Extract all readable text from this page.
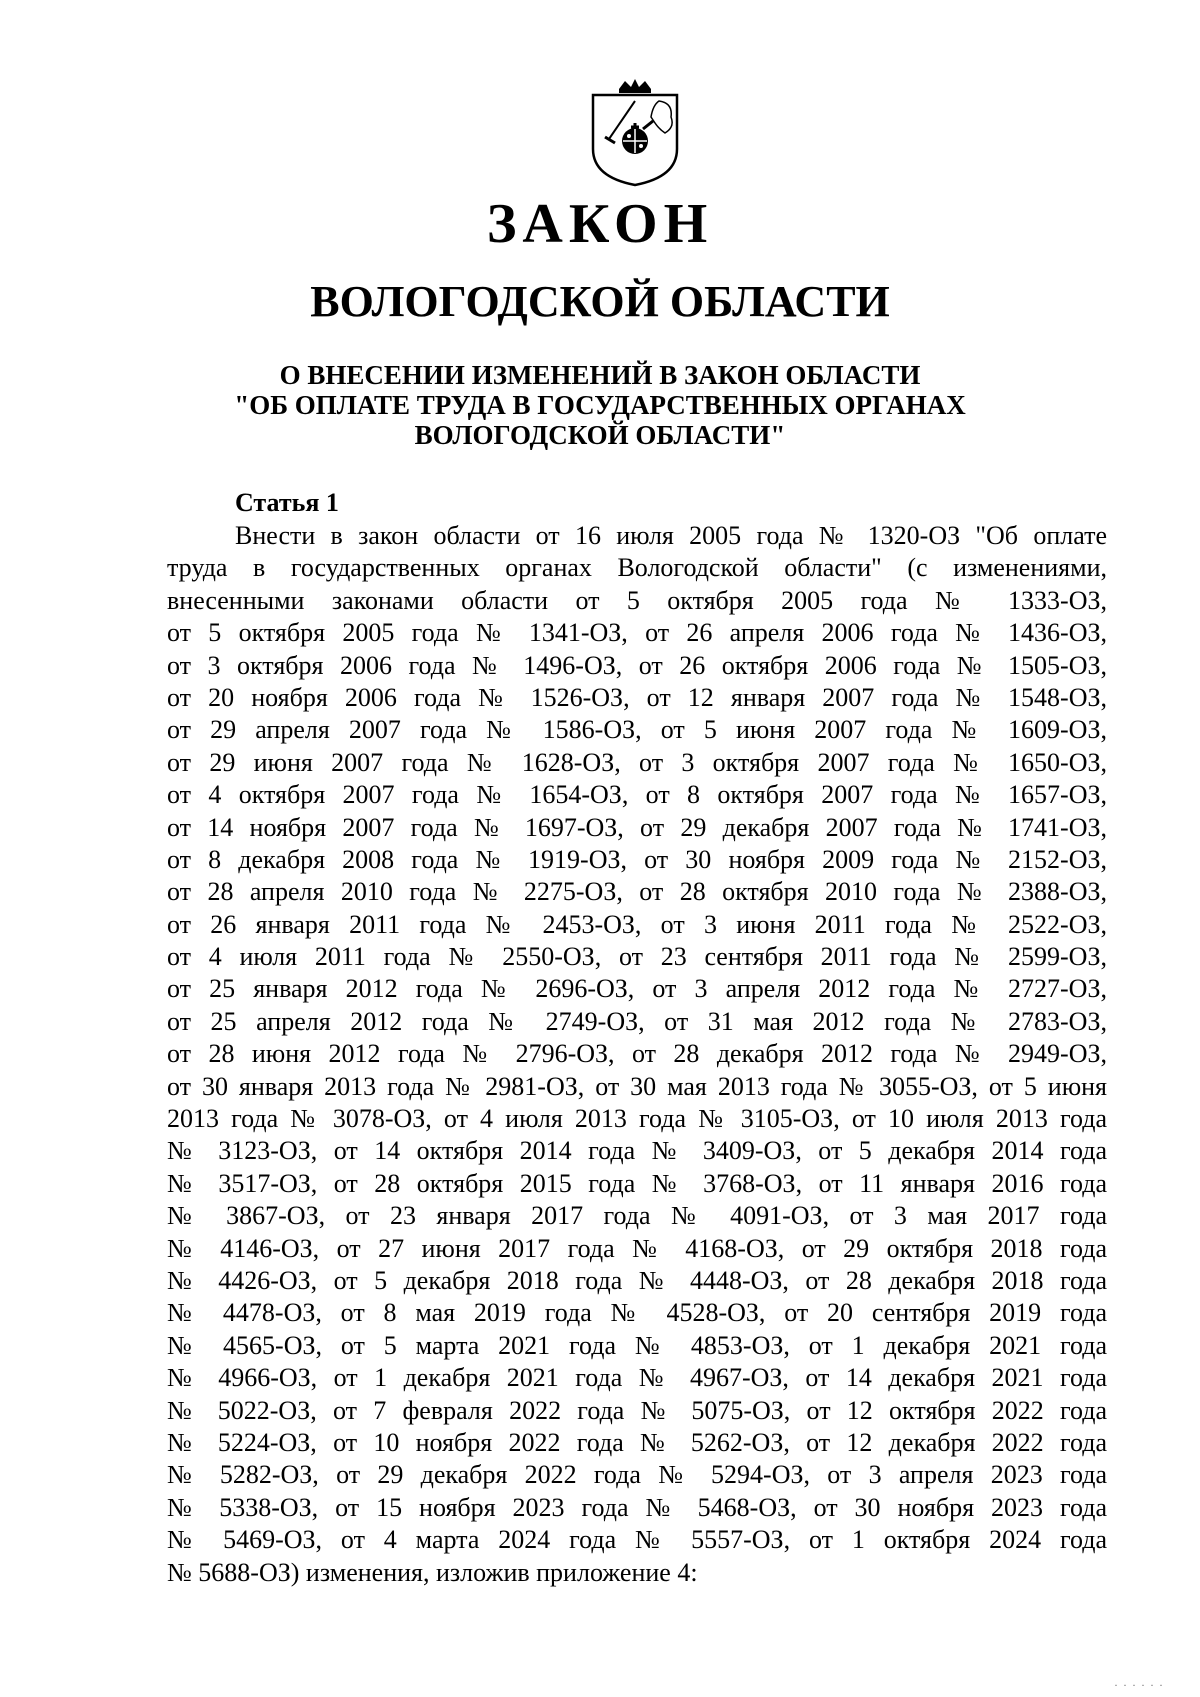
ЗАКОН
ВОЛОГОДСКОЙ ОБЛАСТИ
О ВНЕСЕНИИ ИЗМЕНЕНИЙ В ЗАКОН ОБЛАСТИ
"ОБ ОПЛАТЕ ТРУДА В ГОСУДАРСТВЕННЫХ ОРГАНАХ
ВОЛОГОДСКОЙ ОБЛАСТИ"
Статья 1
Внести в закон области от 16 июля 2005 года № 1320-ОЗ "Об оплате
труда в государственных органах Вологодской области" (с изменениями,
внесенными законами области от 5 октября 2005 года № 1333-ОЗ,
от 5 октября 2005 года № 1341-ОЗ, от 26 апреля 2006 года № 1436-ОЗ,
от 3 октября 2006 года № 1496-ОЗ, от 26 октября 2006 года № 1505-ОЗ,
от 20 ноября 2006 года № 1526-ОЗ, от 12 января 2007 года № 1548-ОЗ,
от 29 апреля 2007 года № 1586-ОЗ, от 5 июня 2007 года № 1609-ОЗ,
от 29 июня 2007 года № 1628-ОЗ, от 3 октября 2007 года № 1650-ОЗ,
от 4 октября 2007 года № 1654-ОЗ, от 8 октября 2007 года № 1657-ОЗ,
от 14 ноября 2007 года № 1697-ОЗ, от 29 декабря 2007 года № 1741-ОЗ,
от 8 декабря 2008 года № 1919-ОЗ, от 30 ноября 2009 года № 2152-ОЗ,
от 28 апреля 2010 года № 2275-ОЗ, от 28 октября 2010 года № 2388-ОЗ,
от 26 января 2011 года № 2453-ОЗ, от 3 июня 2011 года № 2522-ОЗ,
от 4 июля 2011 года № 2550-ОЗ, от 23 сентября 2011 года № 2599-ОЗ,
от 25 января 2012 года № 2696-ОЗ, от 3 апреля 2012 года № 2727-ОЗ,
от 25 апреля 2012 года № 2749-ОЗ, от 31 мая 2012 года № 2783-ОЗ,
от 28 июня 2012 года № 2796-ОЗ, от 28 декабря 2012 года № 2949-ОЗ,
от 30 января 2013 года № 2981-ОЗ, от 30 мая 2013 года № 3055-ОЗ, от 5 июня
2013 года № 3078-ОЗ, от 4 июля 2013 года № 3105-ОЗ, от 10 июля 2013 года
№ 3123-ОЗ, от 14 октября 2014 года № 3409-ОЗ, от 5 декабря 2014 года
№ 3517-ОЗ, от 28 октября 2015 года № 3768-ОЗ, от 11 января 2016 года
№ 3867-ОЗ, от 23 января 2017 года № 4091-ОЗ, от 3 мая 2017 года
№ 4146-ОЗ, от 27 июня 2017 года № 4168-ОЗ, от 29 октября 2018 года
№ 4426-ОЗ, от 5 декабря 2018 года № 4448-ОЗ, от 28 декабря 2018 года
№ 4478-ОЗ, от 8 мая 2019 года № 4528-ОЗ, от 20 сентября 2019 года
№ 4565-ОЗ, от 5 марта 2021 года № 4853-ОЗ, от 1 декабря 2021 года
№ 4966-ОЗ, от 1 декабря 2021 года № 4967-ОЗ, от 14 декабря 2021 года
№ 5022-ОЗ, от 7 февраля 2022 года № 5075-ОЗ, от 12 октября 2022 года
№ 5224-ОЗ, от 10 ноября 2022 года № 5262-ОЗ, от 12 декабря 2022 года
№ 5282-ОЗ, от 29 декабря 2022 года № 5294-ОЗ, от 3 апреля 2023 года
№ 5338-ОЗ, от 15 ноября 2023 года № 5468-ОЗ, от 30 ноября 2023 года
№ 5469-ОЗ, от 4 марта 2024 года № 5557-ОЗ, от 1 октября 2024 года
№ 5688-ОЗ) изменения, изложив приложение 4:
· · · · · ·
